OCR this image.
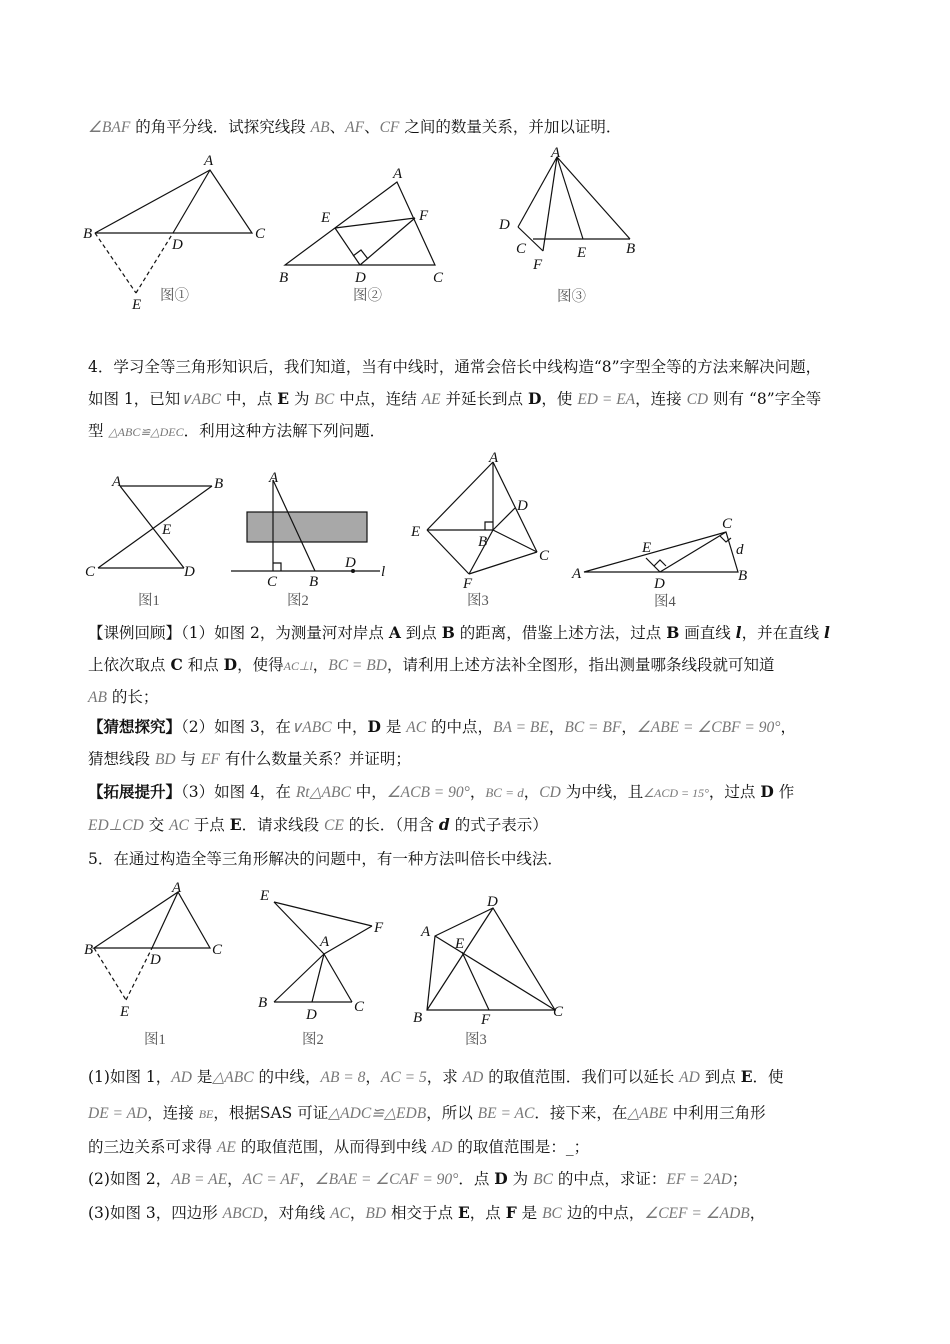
∠BAF 的角平分线．试探究线段 AB、AF、CF 之间的数量关系，并加以证明．
A
B	C
D
E
图①
A
B	C
D
E	F
图②
A
B
C
D
E
F
图③
4．学习全等三角形知识后，我们知道，当有中线时，通常会倍长中线构造“8”字型全等的方法来解决问题，
如图 1，已知∨ABC 中，点 E 为 BC 中点，连结 AE 并延长到点 D，使 ED = EA，连接 CD 则有 “8”字全等
型 △ABC≌△DEC．利用这种方法解下列问题．
A	B
C	D
E
图1
A
C B
D
l
图2
A
B
C
D
E
F
图3
A	B
C
D
E	d
图4
【课例回顾】（1）如图 2，为测量河对岸点 A 到点 B 的距离，借鉴上述方法，过点 B 画直线 l，并在直线 l
上依次取点 C 和点 D，使得AC⊥l，BC = BD，请利用上述方法补全图形，指出测量哪条线段就可知道
AB 的长；
【猜想探究】（2）如图 3，在∨ABC 中，D 是 AC 的中点，BA = BE，BC = BF，∠ABE = ∠CBF = 90°，
猜想线段 BD 与 EF 有什么数量关系？并证明；
【拓展提升】（3）如图 4，在 Rt△ABC 中，∠ACB = 90°，BC = d，CD 为中线，且∠ACD = 15°，过点 D 作
ED⊥CD 交 AC 于点 E．请求线段 CE 的长．（用含 d 的式子表示）
5．在通过构造全等三角形解决的问题中，有一种方法叫倍长中线法．
A
B	C
D
E
图1
E
F
A
B	C
D
图2
A
D
E
B	C
F
图3
(1)如图 1，AD 是△ABC 的中线，AB = 8，AC = 5，求 AD 的取值范围．我们可以延长 AD 到点 E．使
DE = AD，连接 BE，根据SAS 可证△ADC≌△EDB，所以 BE = AC．接下来，在△ABE 中利用三角形
的三边关系可求得 AE 的取值范围，从而得到中线 AD 的取值范围是：_；
(2)如图 2，AB = AE，AC = AF，∠BAE = ∠CAF = 90°．点 D 为 BC 的中点，求证：EF = 2AD；
(3)如图 3，四边形 ABCD，对角线 AC，BD 相交于点 E，点 F 是 BC 边的中点，∠CEF = ∠ADB，
